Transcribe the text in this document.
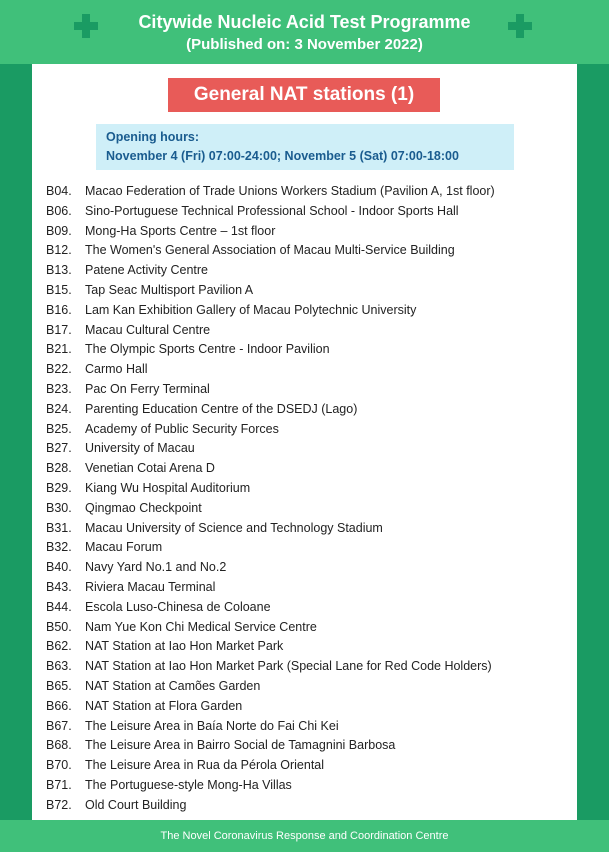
Citywide Nucleic Acid Test Programme
(Published on: 3 November 2022)
General NAT stations (1)
Opening hours:
November 4 (Fri) 07:00-24:00; November 5 (Sat) 07:00-18:00
B04.	Macao Federation of Trade Unions Workers Stadium (Pavilion A, 1st floor)
B06.	Sino-Portuguese Technical Professional School - Indoor Sports Hall
B09.	Mong-Ha Sports Centre – 1st floor
B12.	The Women's General Association of Macau Multi-Service Building
B13.	Patene Activity Centre
B15.	Tap Seac Multisport Pavilion A
B16.	Lam Kan Exhibition Gallery of Macau Polytechnic University
B17.	Macau Cultural Centre
B21.	The Olympic Sports Centre - Indoor Pavilion
B22.	Carmo Hall
B23.	Pac On Ferry Terminal
B24.	Parenting Education Centre of the DSEDJ (Lago)
B25.	Academy of Public Security Forces
B27.	University of Macau
B28.	Venetian Cotai Arena D
B29.	Kiang Wu Hospital Auditorium
B30.	Qingmao Checkpoint
B31.	Macau University of Science and Technology Stadium
B32.	Macau Forum
B40.	Navy Yard No.1 and No.2
B43.	Riviera Macau Terminal
B44.	Escola Luso-Chinesa de Coloane
B50.	Nam Yue Kon Chi Medical Service Centre
B62.	NAT Station at Iao Hon Market Park
B63.	NAT Station at Iao Hon Market Park (Special Lane for Red Code Holders)
B65.	NAT Station at Camões Garden
B66.	NAT Station at Flora Garden
B67.	The Leisure Area in Baía Norte do Fai Chi Kei
B68.	The Leisure Area in Bairro Social de Tamagnini Barbosa
B70.	The Leisure Area in Rua da Pérola Oriental
B71.	The Portuguese-style Mong-Ha Villas
B72.	Old Court Building
The Novel Coronavirus Response and Coordination Centre
